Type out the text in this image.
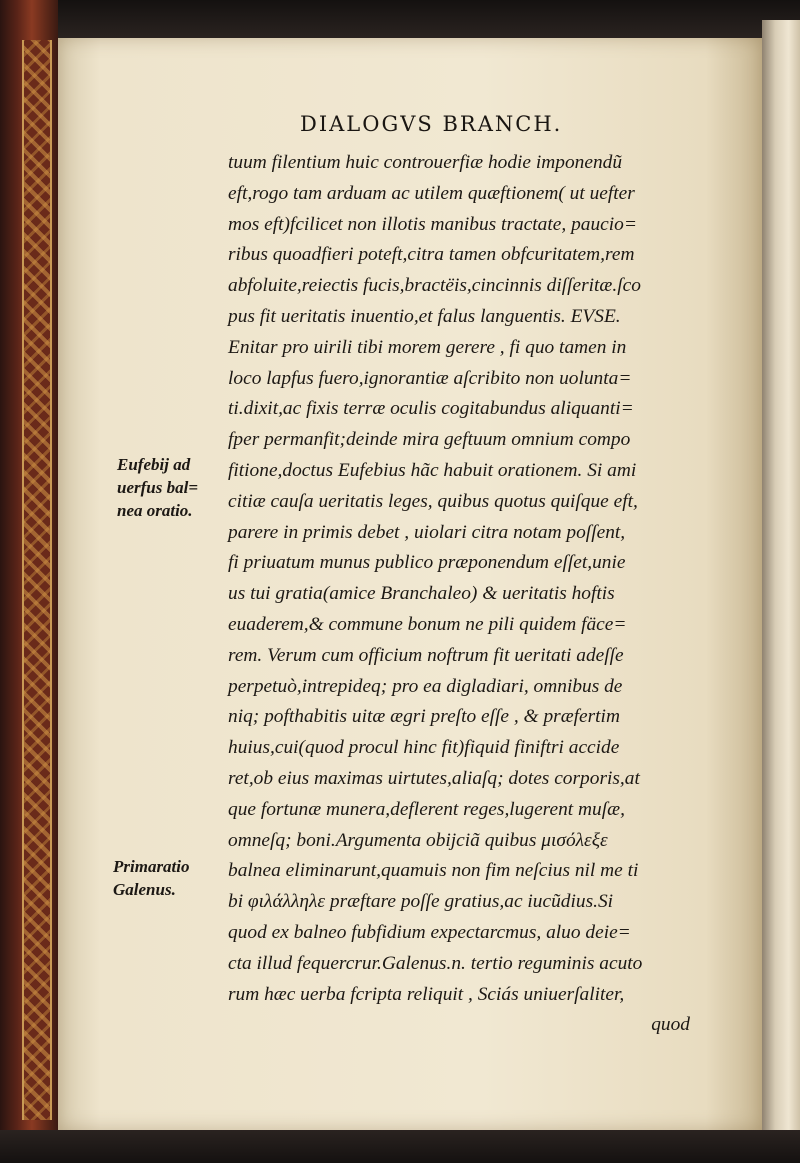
DIALOGVS BRANCH.
tuum filentium huic controuerfiæ hodie imponendũ
eft,rogo tam arduam ac utilem quæftionem( ut uefter
mos eft)fcilicet non illotis manibus tractate, paucio=
ribus quoadfieri poteft,citra tamen obfcuritatem,rem
abfoluite,reiectis fucis,bractëis,cincinnis diſſeritæ.ſco
pus fit ueritatis inuentio,et falus languentis. EVSE.
Enitar pro uirili tibi morem gerere , fi quo tamen in
loco lapfus fuero,ignorantiæ aſcribito non uolunta=
ti.dixit,ac fixis terræ oculis cogitabundus aliquanti=
fper permanfit;deinde mira geftuum omnium compo
fitione,doctus Eufebius hãc habuit orationem. Si ami
citiæ cauſa ueritatis leges, quibus quotus quiſque eft,
parere in primis debet , uiolari citra notam poſſent,
fi priuatum munus publico præponendum eſſet,unie
us tui gratia(amice Branchaleo) & ueritatis hoftis
euaderem,& commune bonum ne pili quidem fäce=
rem. Verum cum officium noftrum fit ueritati adeſſe
perpetuò,intrepideq; pro ea digladiari, omnibus de
niq; pofthabitis uitæ ægri preſto eſſe , & præfertim
huius,cui(quod procul hinc fit)fiquid finiftri accide
ret,ob eius maximas uirtutes,aliaſq; dotes corporis,at
que fortunæ munera,deflerent reges,lugerent muſæ,
omneſq; boni.Argumenta obijciã quibus μισόλεξε
balnea eliminarunt,quamuis non fim neſcius nil me ti
bi φιλάλληλε præftare poſſe gratius,ac iucũdius.Si
quod ex balneo fubfidium expectarcmus, aluo deie=
cta illud fequercrur.Galenus.n. tertio reguminis acuto
rum hæc uerba fcripta reliquit , Sciás uniuerſaliter,
quod
Eufebij ad
uerfus bal=
nea oratio.
Primaratio
Galenus.
